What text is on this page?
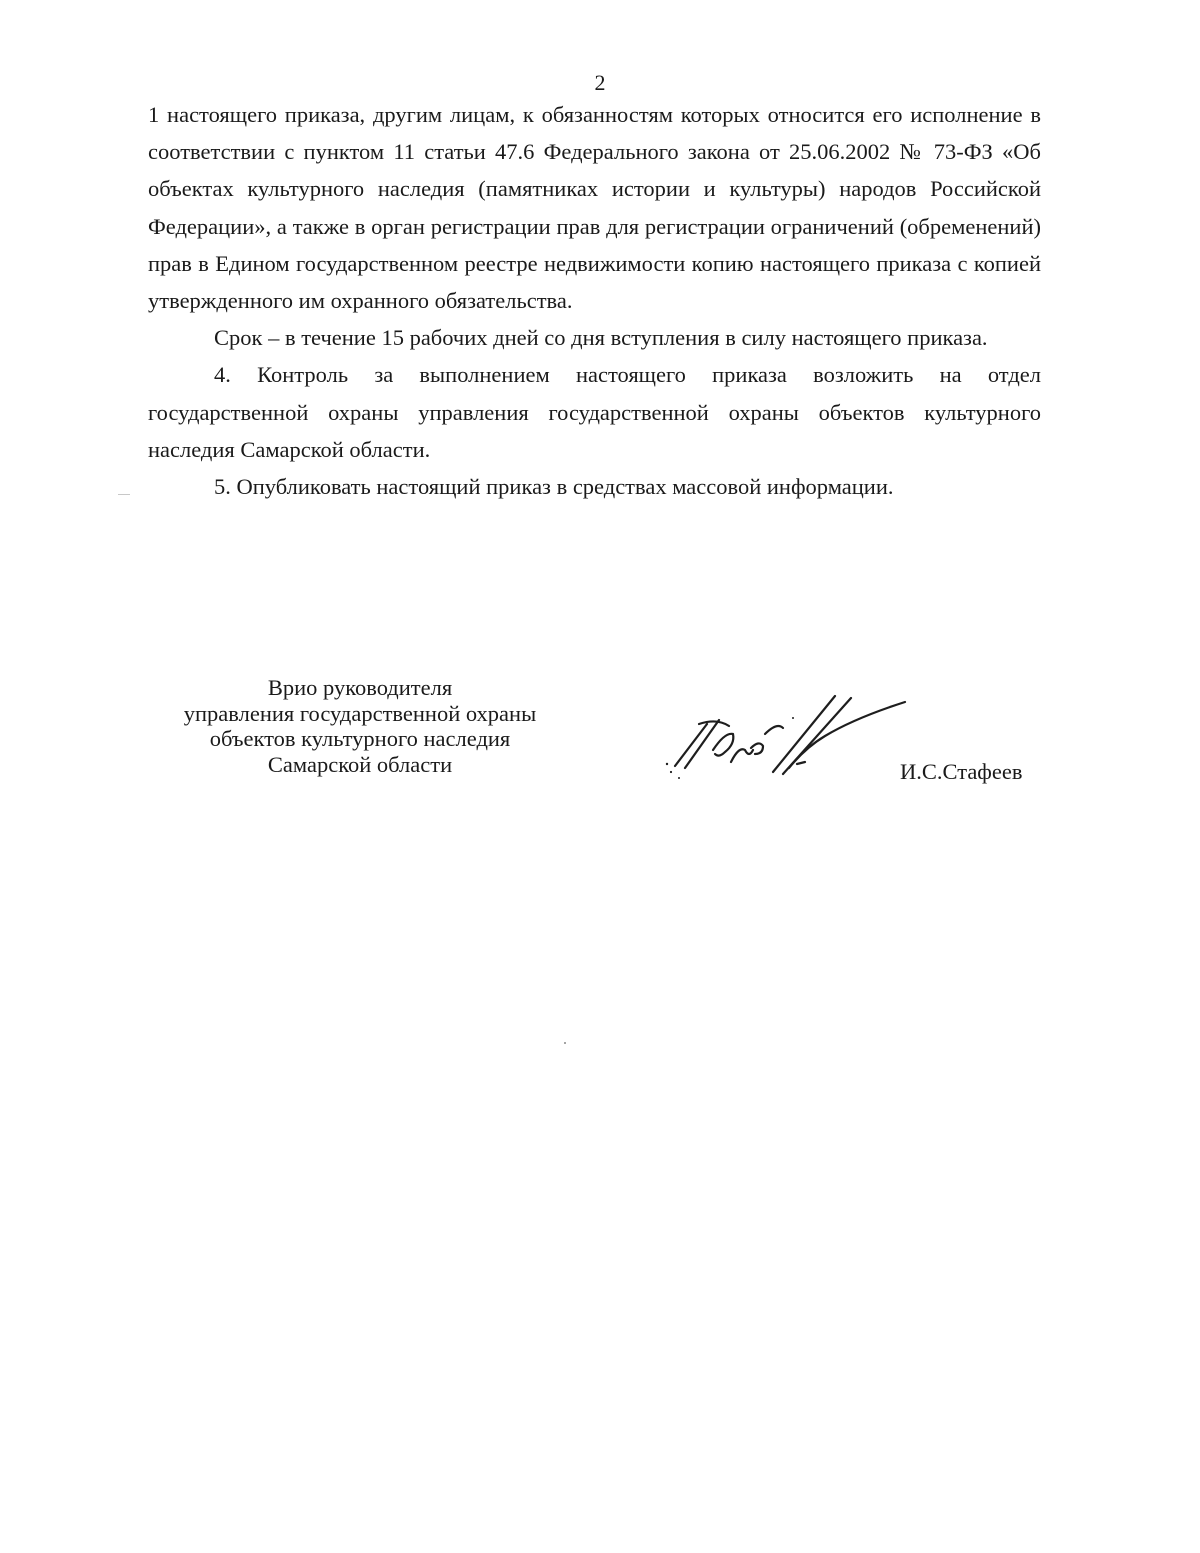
2

1 настоящего приказа, другим лицам, к обязанностям которых относится его исполнение в соответствии с пунктом 11 статьи 47.6 Федерального закона от 25.06.2002 № 73-ФЗ «Об объектах культурного наследия (памятниках истории и культуры) народов Российской Федерации», а также в орган регистрации прав для регистрации ограничений (обременений) прав в Едином государственном реестре недвижимости копию настоящего приказа с копией утвержденного им охранного обязательства.

Срок – в течение 15 рабочих дней со дня вступления в силу настоящего приказа.

4. Контроль за выполнением настоящего приказа возложить на отдел государственной охраны управления государственной охраны объектов культурного наследия Самарской области.

5. Опубликовать настоящий приказ в средствах массовой информации.

Врио руководителя
управления государственной охраны
объектов культурного наследия
Самарской области	И.С.Стафеев
